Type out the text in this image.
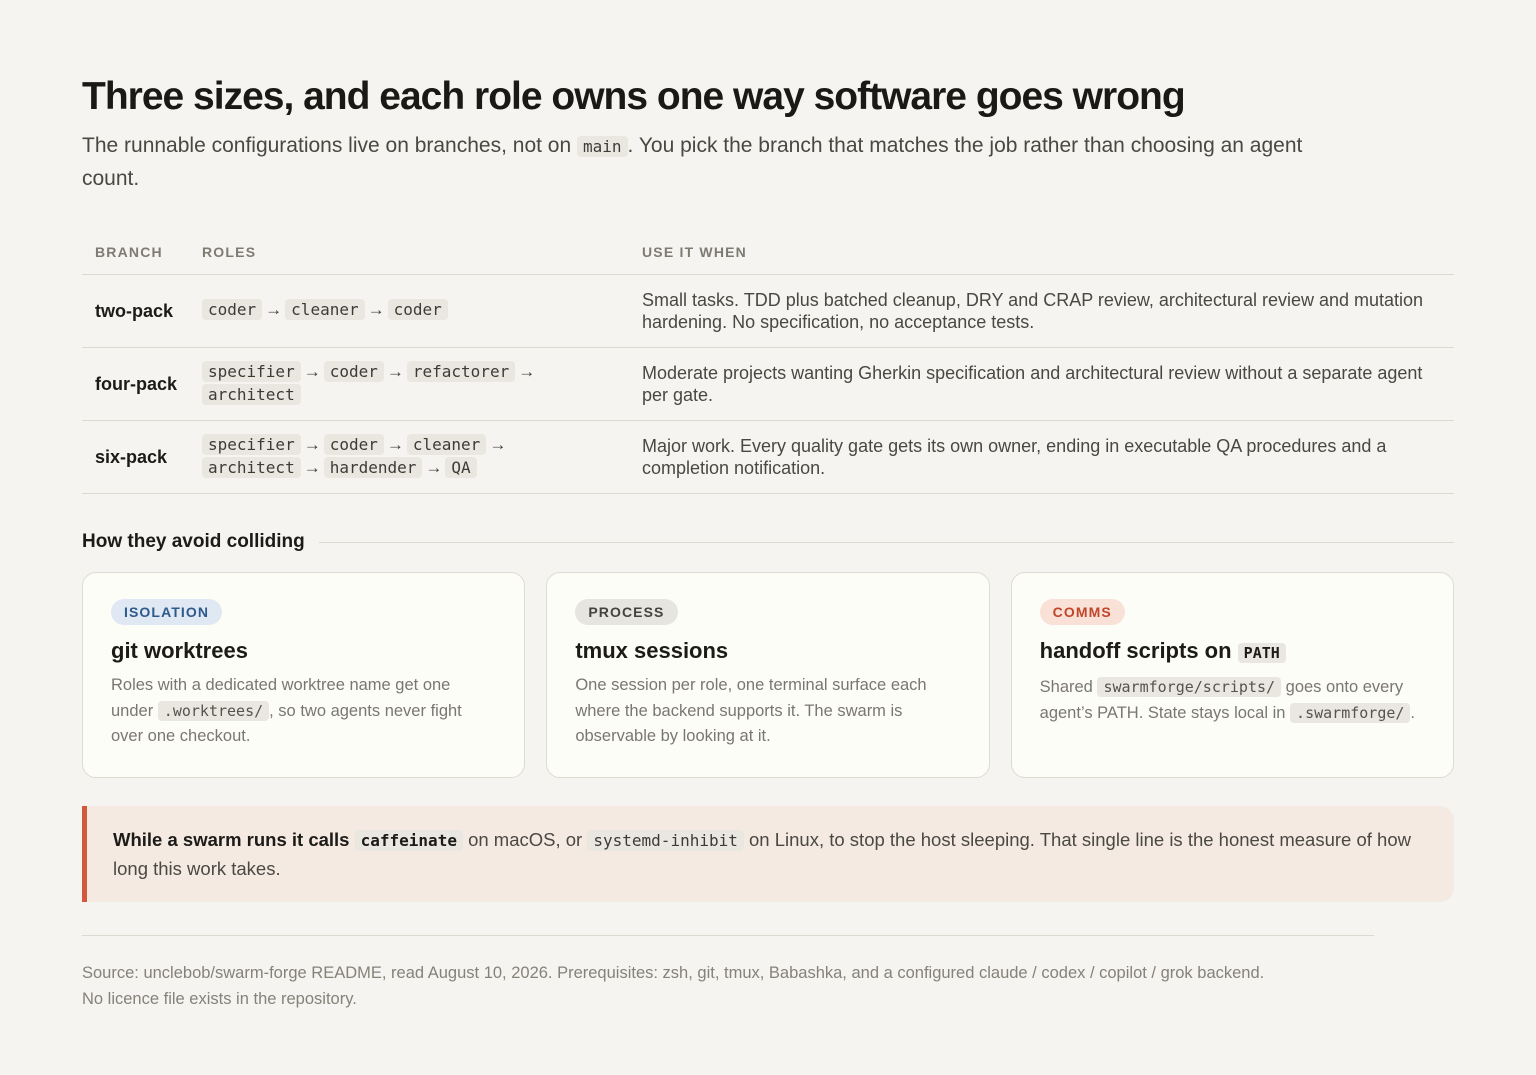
Three sizes, and each role owns one way software goes wrong

The runnable configurations live on branches, not on main . You pick the branch that matches the job rather than choosing an agent count.

BRANCH	ROLES	USE IT WHEN
two-pack	coder → cleaner → coder	Small tasks. TDD plus batched cleanup, DRY and CRAP review, architectural review and mutation hardening. No specification, no acceptance tests.
four-pack	specifier → coder → refactorer →
architect	Moderate projects wanting Gherkin specification and architectural review without a separate agent per gate.
six-pack	specifier → coder → cleaner →
architect → hardender → QA	Major work. Every quality gate gets its own owner, ending in executable QA procedures and a completion notification.
How they avoid colliding
ISOLATION
git worktrees
Roles with a dedicated worktree name get one under .worktrees/ , so two agents never fight over one checkout.
PROCESS
tmux sessions
One session per role, one terminal surface each where the backend supports it. The swarm is observable by looking at it.
COMMS
handoff scripts on PATH
Shared swarmforge/scripts/ goes onto every agent’s PATH. State stays local in .swarmforge/ .
While a swarm runs it calls caffeinate on macOS, or systemd-inhibit on Linux, to stop the host sleeping. That single line is the honest measure of how long this work takes.
Source: unclebob/swarm-forge README, read August 10, 2026. Prerequisites: zsh, git, tmux, Babashka, and a configured claude / codex / copilot / grok backend.
No licence file exists in the repository.
